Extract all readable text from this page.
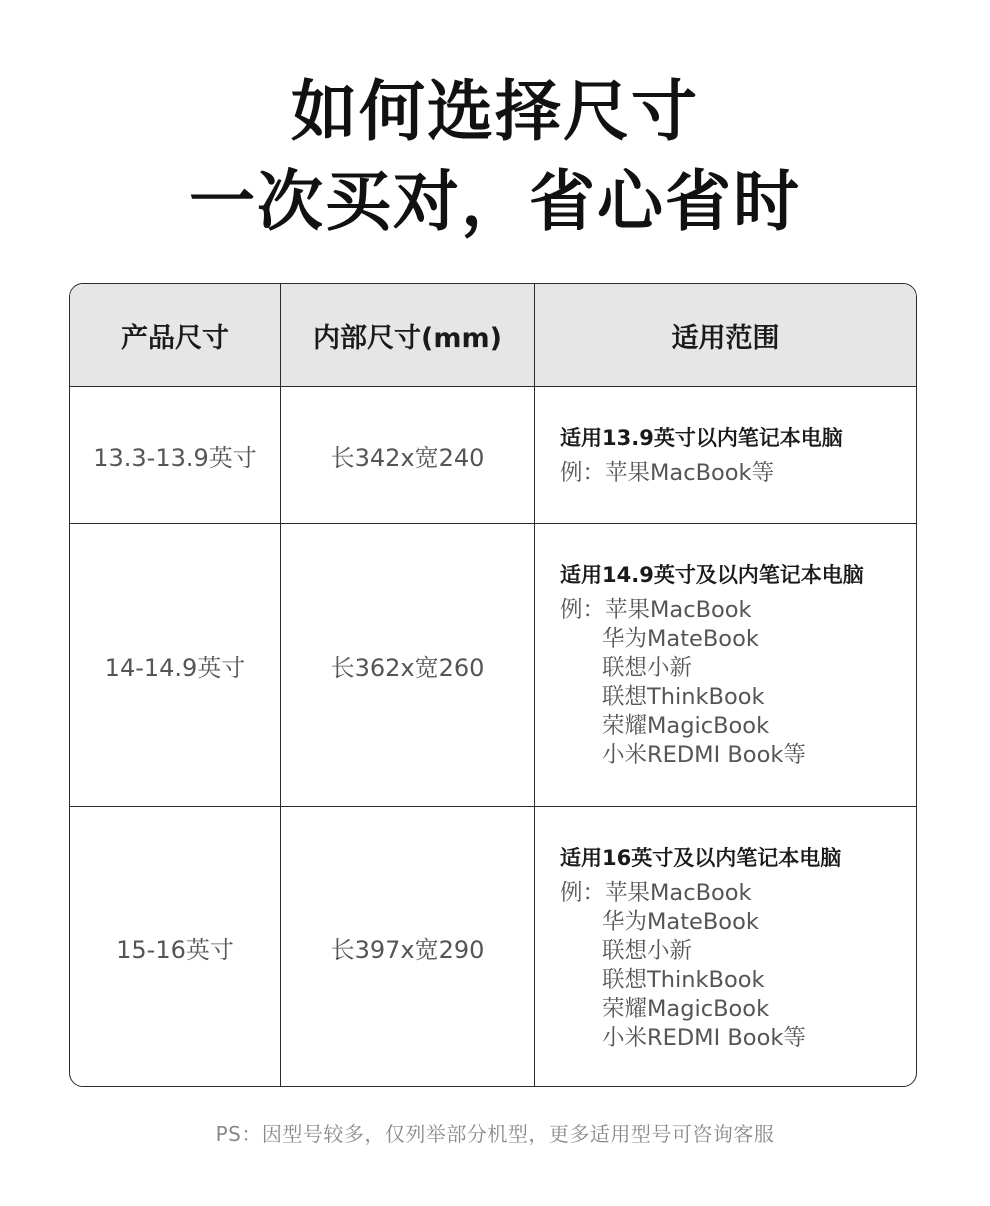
如何选择尺寸
一次买对，省心省时
产品尺寸	内部尺寸(mm)	适用范围
13.3-13.9英寸	长342x宽240
适用13.9英寸以内笔记本电脑
例：苹果MacBook等
14-14.9英寸	长362x宽260
适用14.9英寸及以内笔记本电脑
例：苹果MacBook
华为MateBook
联想小新
联想ThinkBook
荣耀MagicBook
小米REDMI Book等
15-16英寸	长397x宽290
适用16英寸及以内笔记本电脑
例：苹果MacBook
华为MateBook
联想小新
联想ThinkBook
荣耀MagicBook
小米REDMI Book等
PS：因型号较多，仅列举部分机型，更多适用型号可咨询客服
